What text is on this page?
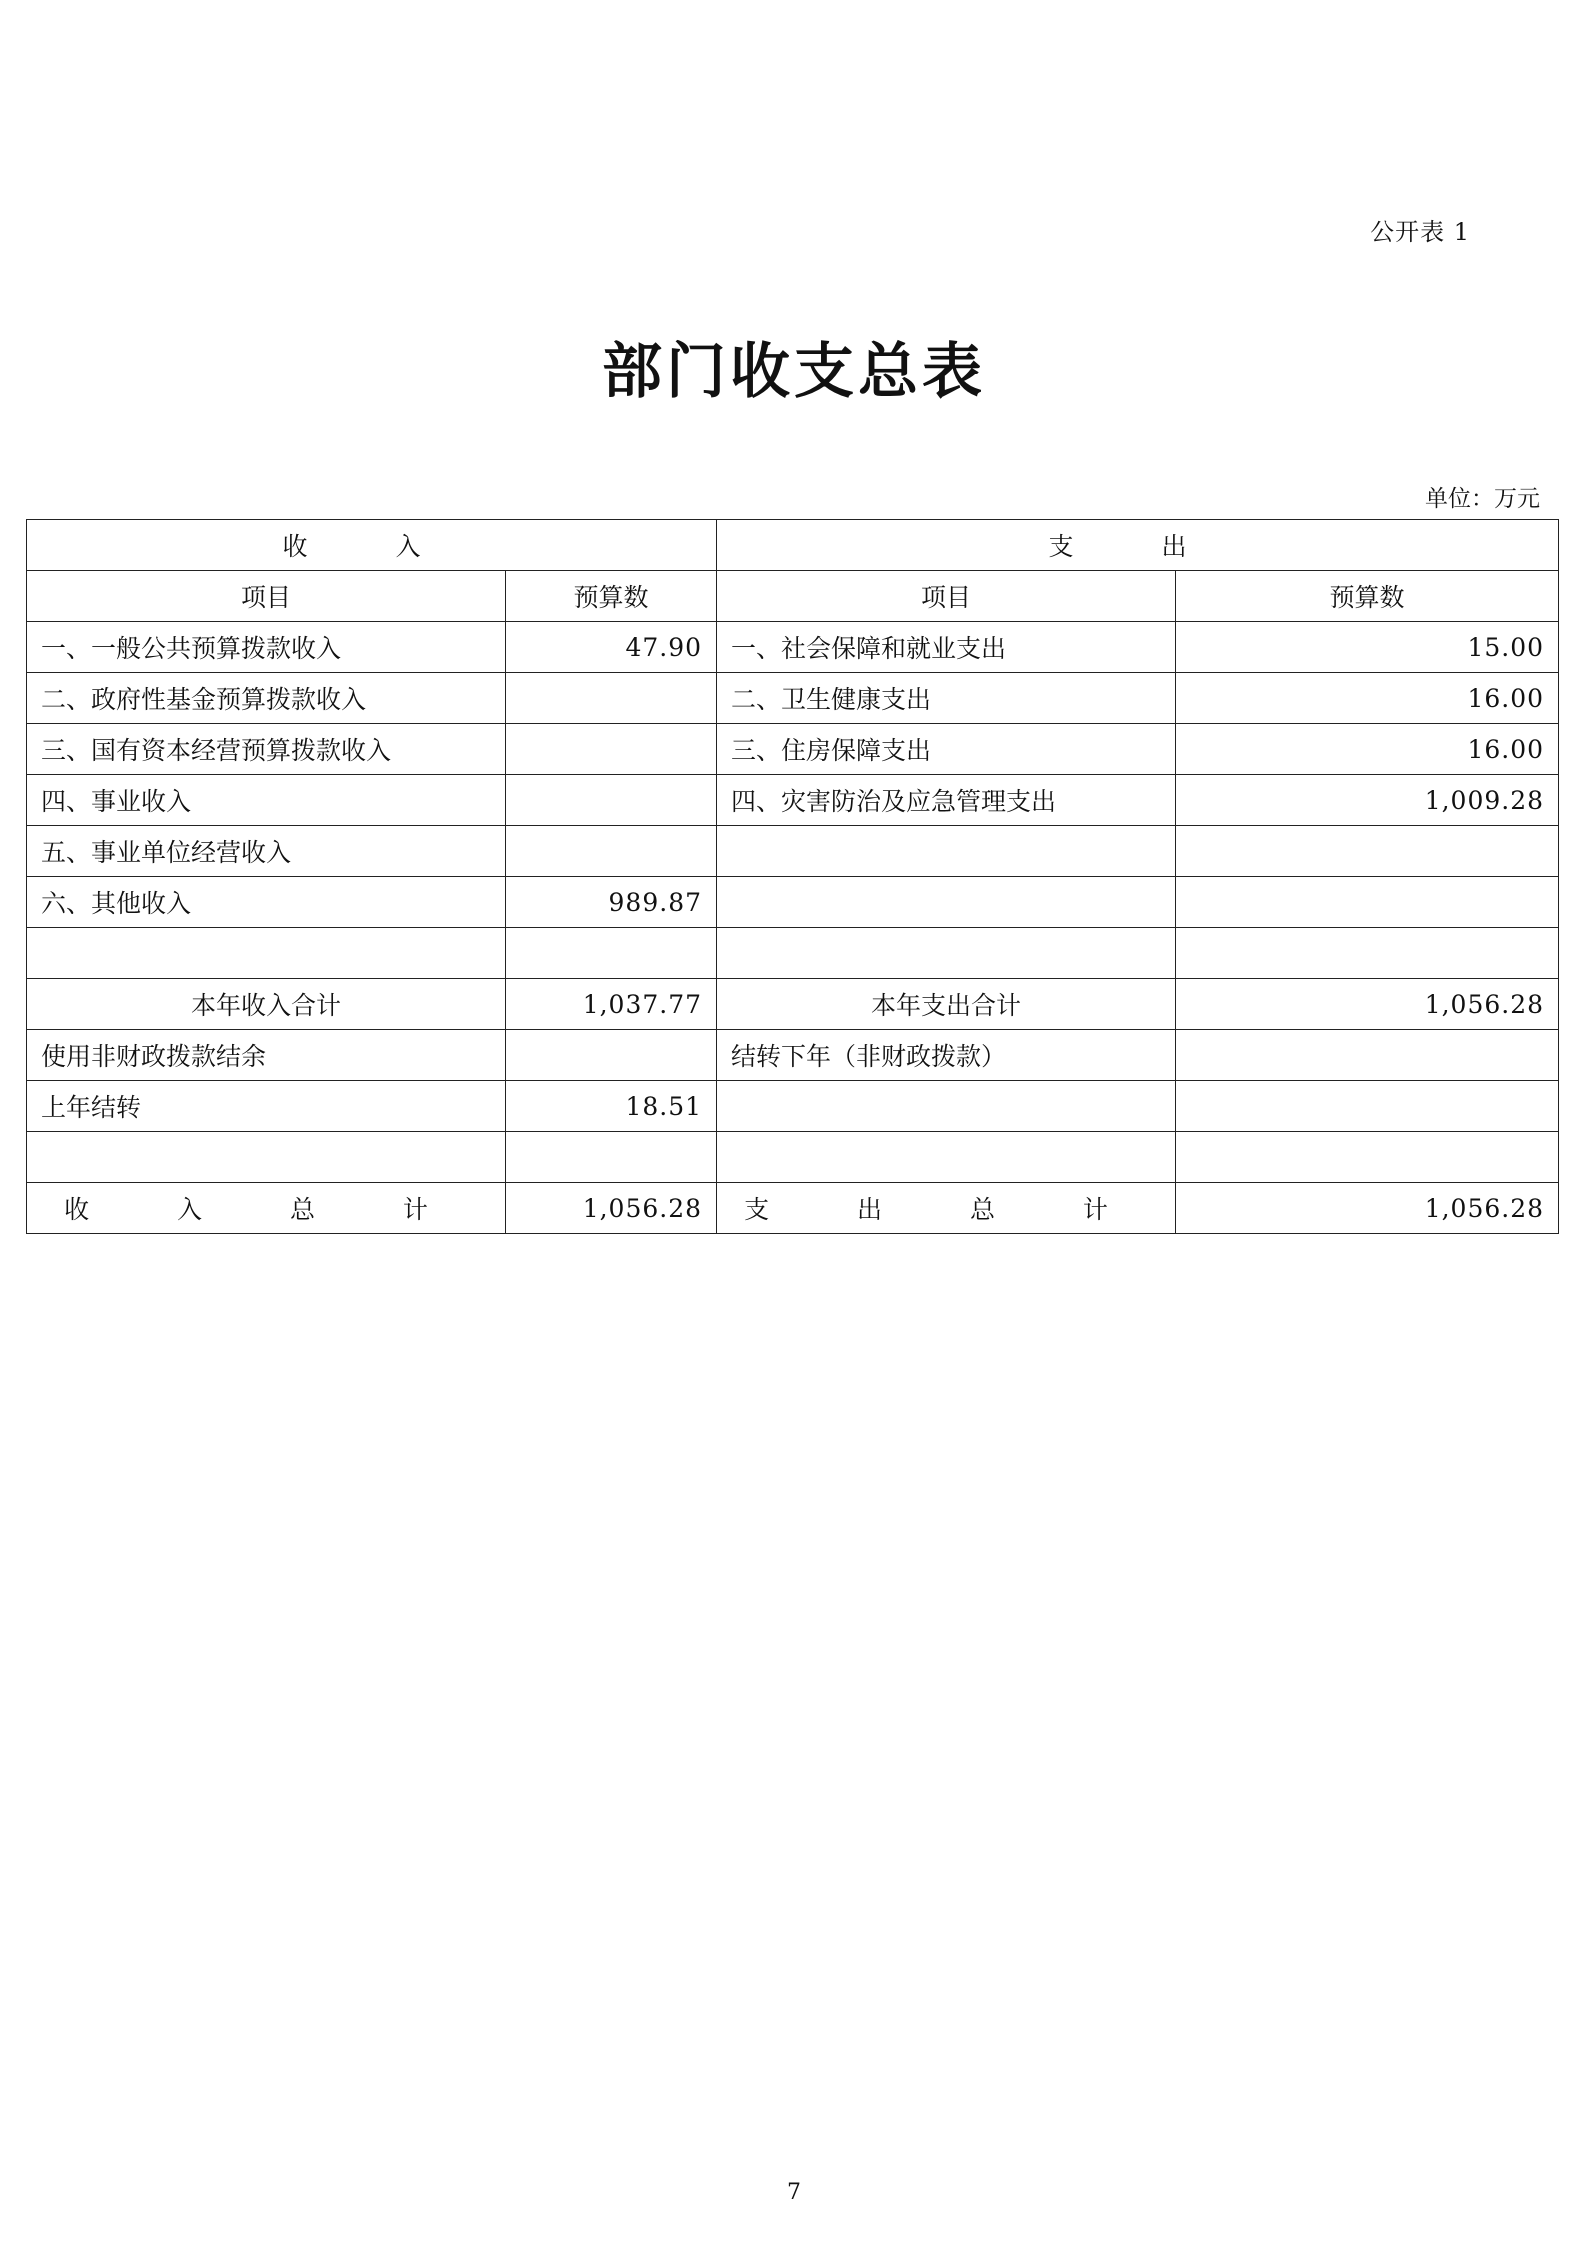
公开表 1
部门收支总表
单位：万元
收 入		支 出	
项目	预算数	项目	预算数
一、一般公共预算拨款收入	47.90	一、社会保障和就业支出	15.00
二、政府性基金预算拨款收入		二、卫生健康支出	16.00
三、国有资本经营预算拨款收入		三、住房保障支出	16.00
四、事业收入		四、灾害防治及应急管理支出	1,009.28
五、事业单位经营收入			
六、其他收入	989.87		

本年收入合计	1,037.77	本年支出合计	1,056.28
使用非财政拨款结余		结转下年（非财政拨款）	
上年结转	18.51		

收 入 总 计	1,056.28	支 出 总 计	1,056.28
7
